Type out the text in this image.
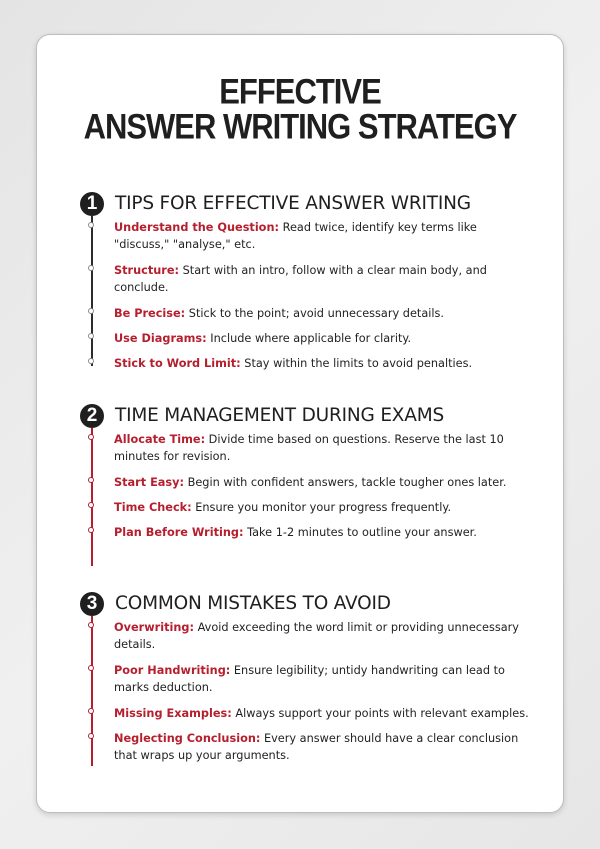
EFFECTIVE
ANSWER WRITING STRATEGY
1 TIPS FOR EFFECTIVE ANSWER WRITING
Understand the Question: Read twice, identify key terms like "discuss," "analyse," etc.
Structure: Start with an intro, follow with a clear main body, and conclude.
Be Precise: Stick to the point; avoid unnecessary details.
Use Diagrams: Include where applicable for clarity.
Stick to Word Limit: Stay within the limits to avoid penalties.
2 TIME MANAGEMENT DURING EXAMS
Allocate Time: Divide time based on questions. Reserve the last 10 minutes for revision.
Start Easy: Begin with confident answers, tackle tougher ones later.
Time Check: Ensure you monitor your progress frequently.
Plan Before Writing: Take 1-2 minutes to outline your answer.
3 COMMON MISTAKES TO AVOID
Overwriting: Avoid exceeding the word limit or providing unnecessary details.
Poor Handwriting: Ensure legibility; untidy handwriting can lead to marks deduction.
Missing Examples: Always support your points with relevant examples.
Neglecting Conclusion: Every answer should have a clear conclusion that wraps up your arguments.
